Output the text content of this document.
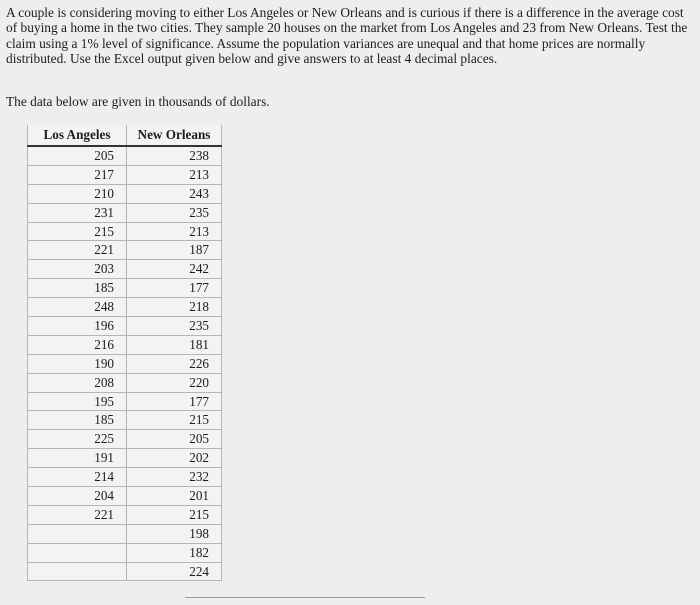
A couple is considering moving to either Los Angeles or New Orleans and is curious if there is a difference in the average cost of buying a home in the two cities. They sample 20 houses on the market from Los Angeles and 23 from New Orleans. Test the claim using a 1% level of significance. Assume the population variances are unequal and that home prices are normally distributed. Use the Excel output given below and give answers to at least 4 decimal places.
The data below are given in thousands of dollars.
Los Angeles	New Orleans
205	238
217	213
210	243
231	235
215	213
221	187
203	242
185	177
248	218
196	235
216	181
190	226
208	220
195	177
185	215
225	205
191	202
214	232
204	201
221	215
	198
	182
	224
